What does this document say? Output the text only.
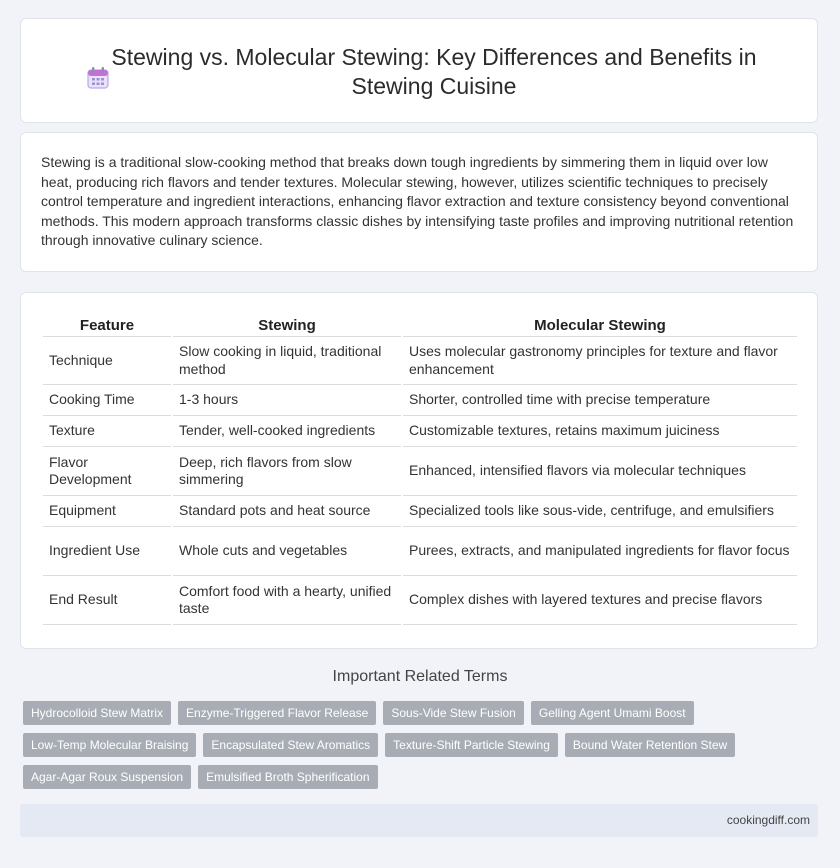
Stewing vs. Molecular Stewing: Key Differences and Benefits in Stewing Cuisine

Stewing is a traditional slow-cooking method that breaks down tough ingredients by simmering them in liquid over low heat, producing rich flavors and tender textures. Molecular stewing, however, utilizes scientific techniques to precisely control temperature and ingredient interactions, enhancing flavor extraction and texture consistency beyond conventional methods. This modern approach transforms classic dishes by intensifying taste profiles and improving nutritional retention through innovative culinary science.

Feature	Stewing	Molecular Stewing
Technique	Slow cooking in liquid, traditional method	Uses molecular gastronomy principles for texture and flavor enhancement
Cooking Time	1-3 hours	Shorter, controlled time with precise temperature
Texture	Tender, well-cooked ingredients	Customizable textures, retains maximum juiciness
Flavor Development	Deep, rich flavors from slow simmering	Enhanced, intensified flavors via molecular techniques
Equipment	Standard pots and heat source	Specialized tools like sous-vide, centrifuge, and emulsifiers
Ingredient Use	Whole cuts and vegetables	Purees, extracts, and manipulated ingredients for flavor focus
End Result	Comfort food with a hearty, unified taste	Complex dishes with layered textures and precise flavors
Important Related Terms
Hydrocolloid Stew Matrix	Enzyme-Triggered Flavor Release	Sous-Vide Stew Fusion	Gelling Agent Umami Boost
Low-Temp Molecular Braising	Encapsulated Stew Aromatics	Texture-Shift Particle Stewing	Bound Water Retention Stew
Agar-Agar Roux Suspension	Emulsified Broth Spherification
cookingdiff.com
